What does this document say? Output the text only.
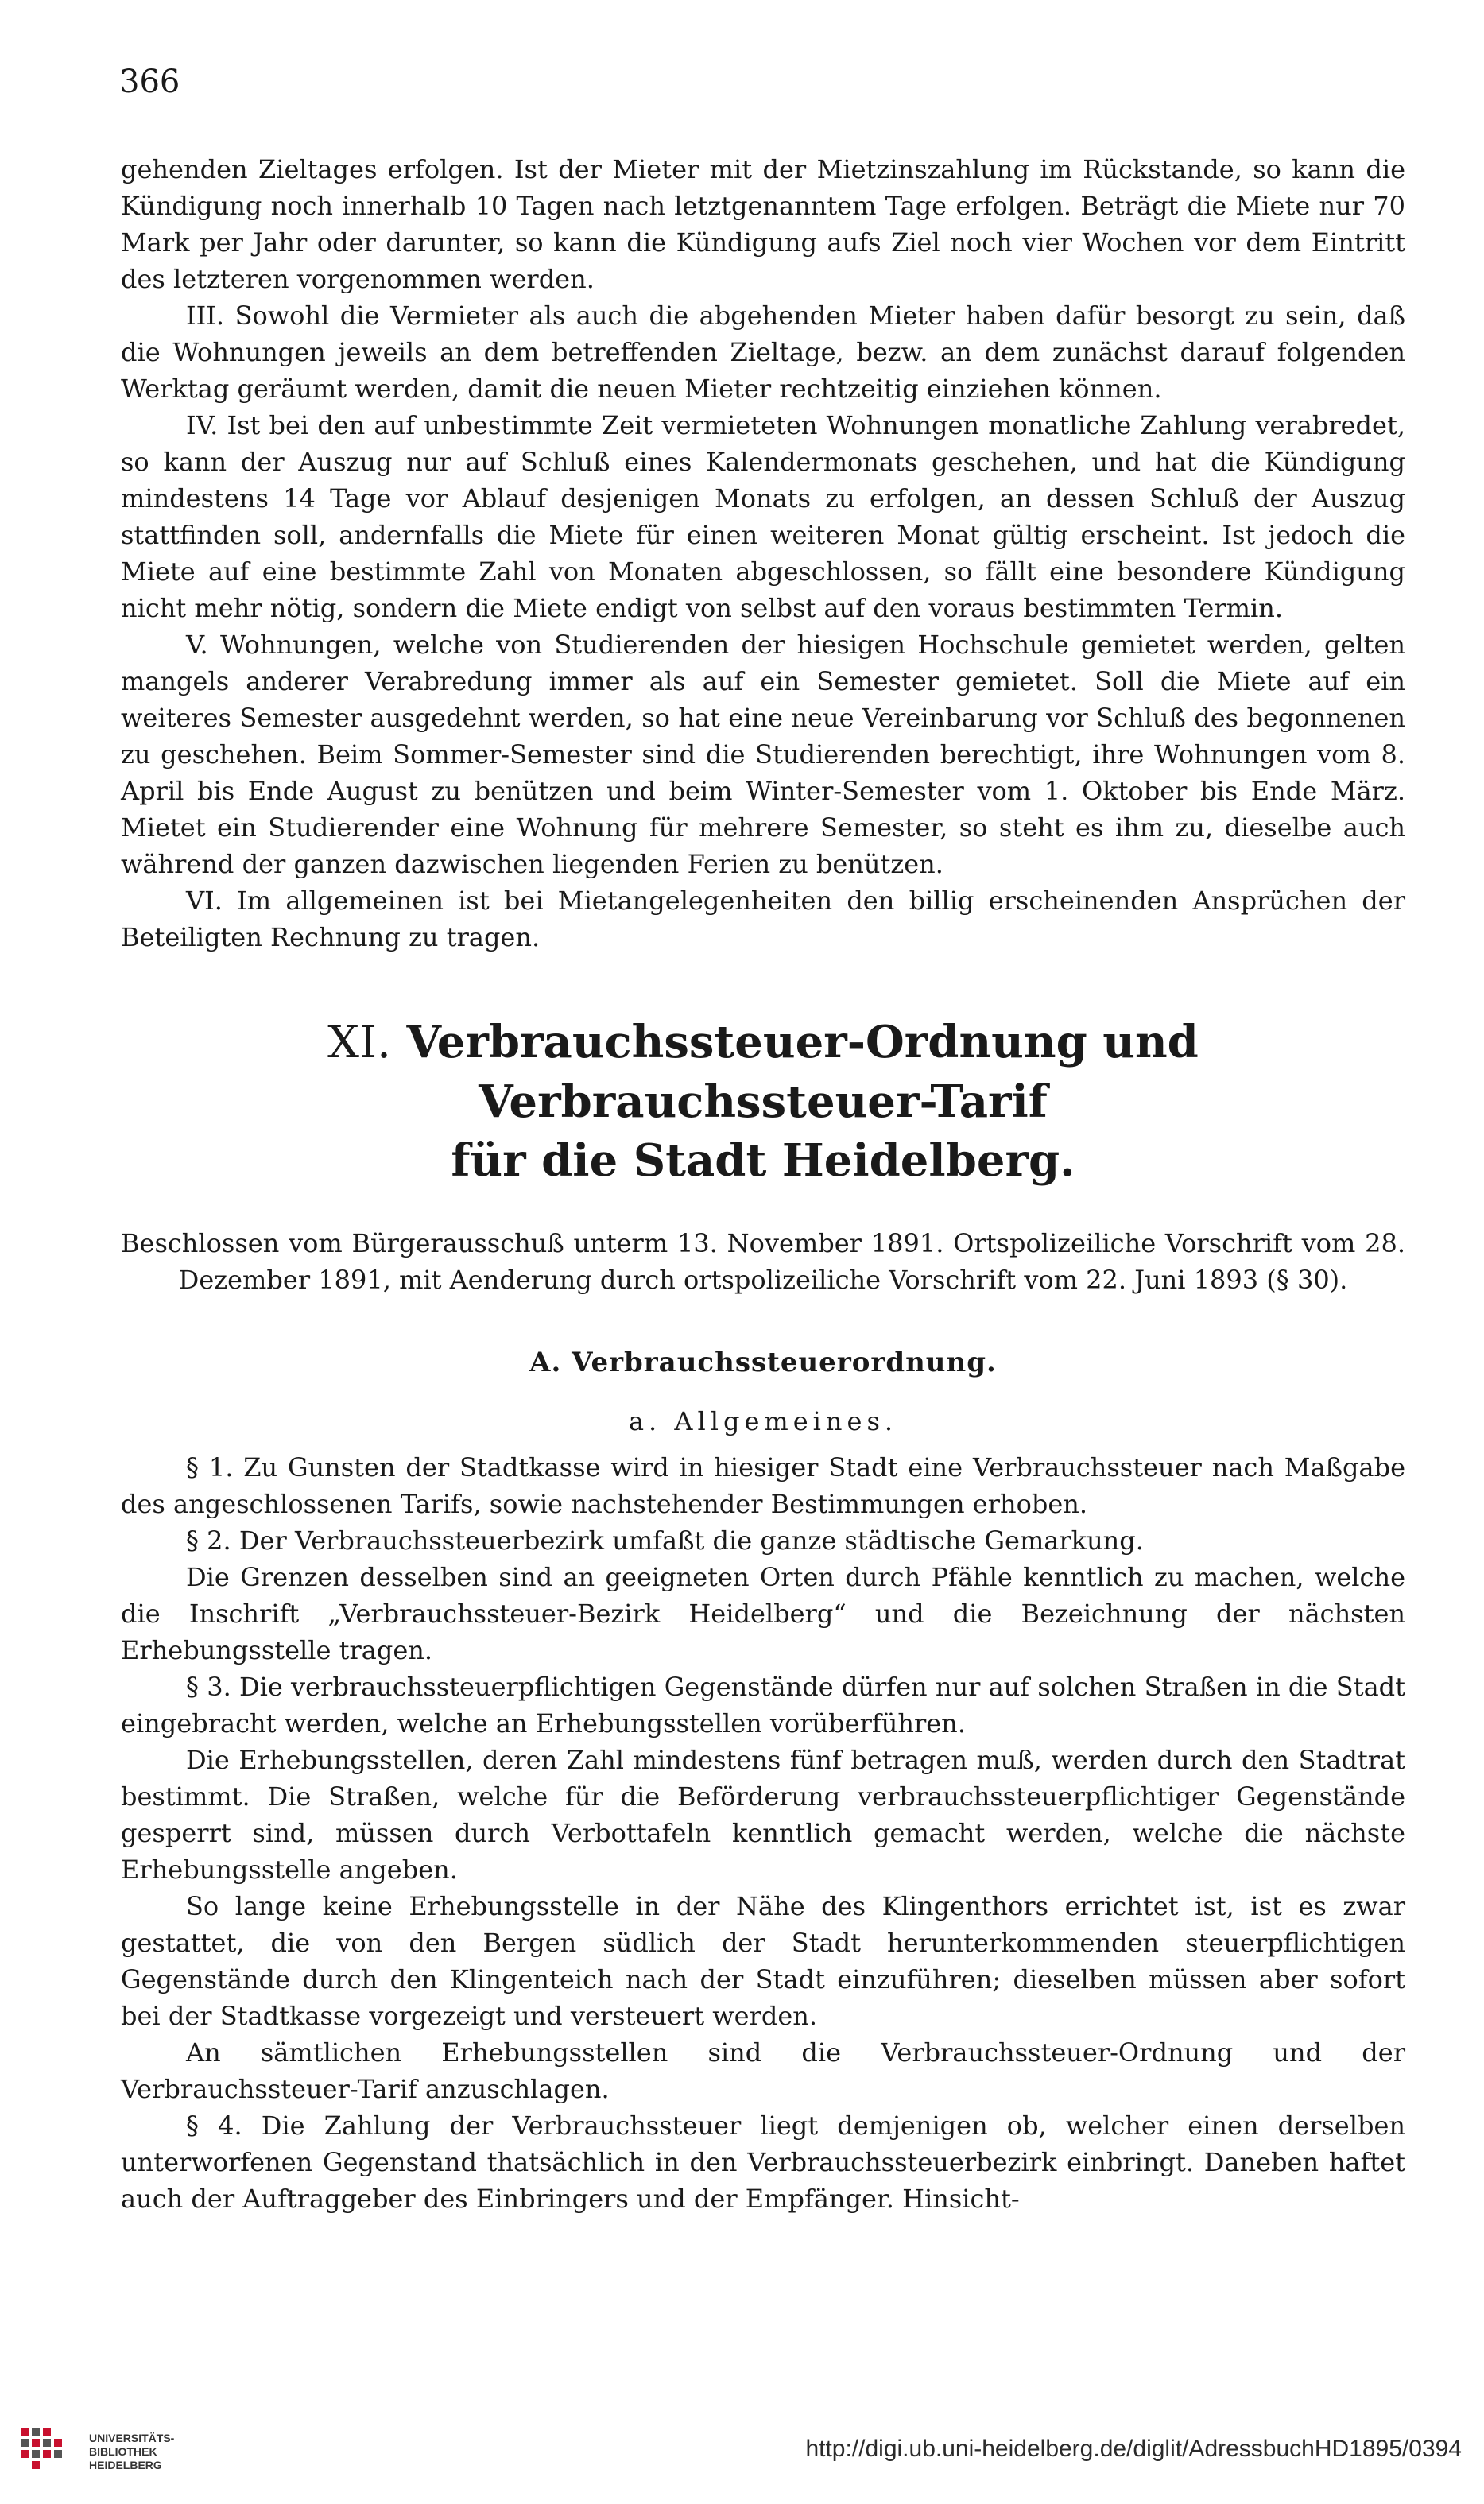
366

gehenden Zieltages erfolgen. Ist der Mieter mit der Mietzinszahlung im Rückstande, so kann die Kündigung noch innerhalb 10 Tagen nach letztgenanntem Tage erfolgen. Beträgt die Miete nur 70 Mark per Jahr oder darunter, so kann die Kündigung aufs Ziel noch vier Wochen vor dem Eintritt des letzteren vorgenommen werden.

III. Sowohl die Vermieter als auch die abgehenden Mieter haben dafür besorgt zu sein, daß die Wohnungen jeweils an dem betreffenden Zieltage, bezw. an dem zunächst darauf folgenden Werktag geräumt werden, damit die neuen Mieter rechtzeitig einziehen können.

IV. Ist bei den auf unbestimmte Zeit vermieteten Wohnungen monatliche Zahlung verabredet, so kann der Auszug nur auf Schluß eines Kalendermonats geschehen, und hat die Kündigung mindestens 14 Tage vor Ablauf desjenigen Monats zu erfolgen, an dessen Schluß der Auszug stattfinden soll, andernfalls die Miete für einen weiteren Monat gültig erscheint. Ist jedoch die Miete auf eine bestimmte Zahl von Monaten abgeschlossen, so fällt eine besondere Kündigung nicht mehr nötig, sondern die Miete endigt von selbst auf den voraus bestimmten Termin.

V. Wohnungen, welche von Studierenden der hiesigen Hochschule gemietet werden, gelten mangels anderer Verabredung immer als auf ein Semester gemietet. Soll die Miete auf ein weiteres Semester ausgedehnt werden, so hat eine neue Vereinbarung vor Schluß des begonnenen zu geschehen. Beim Sommer-Semester sind die Studierenden berechtigt, ihre Wohnungen vom 8. April bis Ende August zu benützen und beim Winter-Semester vom 1. Oktober bis Ende März. Mietet ein Studierender eine Wohnung für mehrere Semester, so steht es ihm zu, dieselbe auch während der ganzen dazwischen liegenden Ferien zu benützen.

VI. Im allgemeinen ist bei Mietangelegenheiten den billig erscheinenden Ansprüchen der Beteiligten Rechnung zu tragen.

XI. Verbrauchssteuer-Ordnung und Verbrauchssteuer-Tarif
für die Stadt Heidelberg.
Beschlossen vom Bürgerausschuß unterm 13. November 1891. Ortspolizeiliche Vorschrift vom 28. Dezember 1891, mit Aenderung durch ortspolizeiliche Vorschrift vom 22. Juni 1893 (§ 30).
A. Verbrauchssteuerordnung.
a. Allgemeines.

§ 1. Zu Gunsten der Stadtkasse wird in hiesiger Stadt eine Verbrauchssteuer nach Maßgabe des angeschlossenen Tarifs, sowie nachstehender Bestimmungen erhoben.

§ 2. Der Verbrauchssteuerbezirk umfaßt die ganze städtische Gemarkung.

Die Grenzen desselben sind an geeigneten Orten durch Pfähle kenntlich zu machen, welche die Inschrift „Verbrauchssteuer-Bezirk Heidelberg“ und die Bezeichnung der nächsten Erhebungsstelle tragen.

§ 3. Die verbrauchssteuerpflichtigen Gegenstände dürfen nur auf solchen Straßen in die Stadt eingebracht werden, welche an Erhebungsstellen vorüberführen.

Die Erhebungsstellen, deren Zahl mindestens fünf betragen muß, werden durch den Stadtrat bestimmt. Die Straßen, welche für die Beförderung verbrauchssteuerpflichtiger Gegenstände gesperrt sind, müssen durch Verbottafeln kenntlich gemacht werden, welche die nächste Erhebungsstelle angeben.

So lange keine Erhebungsstelle in der Nähe des Klingenthors errichtet ist, ist es zwar gestattet, die von den Bergen südlich der Stadt herunterkommenden steuerpflichtigen Gegenstände durch den Klingenteich nach der Stadt einzuführen; dieselben müssen aber sofort bei der Stadtkasse vorgezeigt und versteuert werden.

An sämtlichen Erhebungsstellen sind die Verbrauchssteuer-Ordnung und der Verbrauchssteuer-Tarif anzuschlagen.

§ 4. Die Zahlung der Verbrauchssteuer liegt demjenigen ob, welcher einen derselben unterworfenen Gegenstand thatsächlich in den Verbrauchssteuerbezirk einbringt. Daneben haftet auch der Auftraggeber des Einbringers und der Empfänger. Hinsicht-

UNIVERSITÄTS-
BIBLIOTHEK
HEIDELBERG
http://digi.ub.uni-heidelberg.de/diglit/AdressbuchHD1895/0394
